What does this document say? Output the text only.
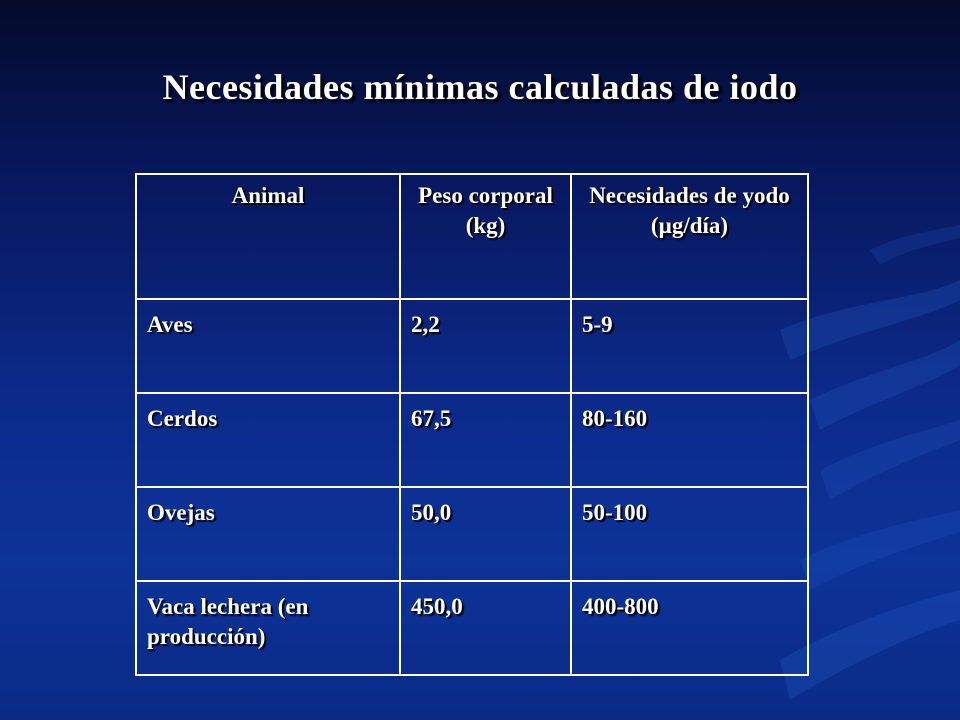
Necesidades mínimas calculadas de iodo
Animal	Peso corporal (kg)	Necesidades de yodo (µg/día)
Aves	2,2	5-9
Cerdos	67,5	80-160
Ovejas	50,0	50-100
Vaca lechera (en producción)	450,0	400-800
